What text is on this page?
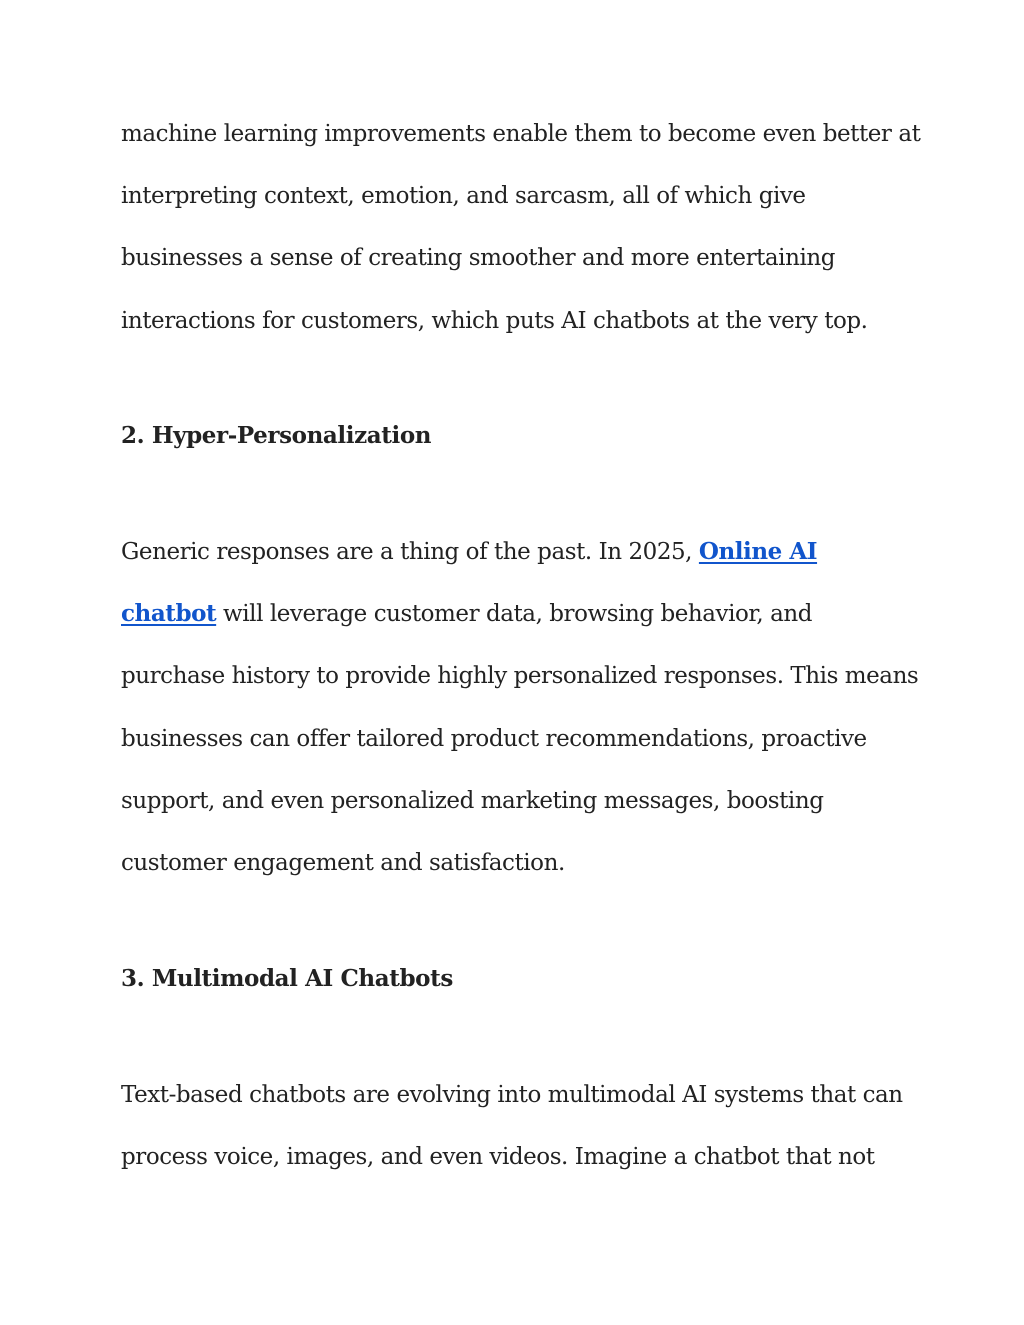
machine learning improvements enable them to become even better at
interpreting context, emotion, and sarcasm, all of which give
businesses a sense of creating smoother and more entertaining
interactions for customers, which puts AI chatbots at the very top.
2. Hyper-Personalization
Generic responses are a thing of the past. In 2025, Online AI
chatbot will leverage customer data, browsing behavior, and
purchase history to provide highly personalized responses. This means
businesses can offer tailored product recommendations, proactive
support, and even personalized marketing messages, boosting
customer engagement and satisfaction.
3. Multimodal AI Chatbots
Text-based chatbots are evolving into multimodal AI systems that can
process voice, images, and even videos. Imagine a chatbot that not
